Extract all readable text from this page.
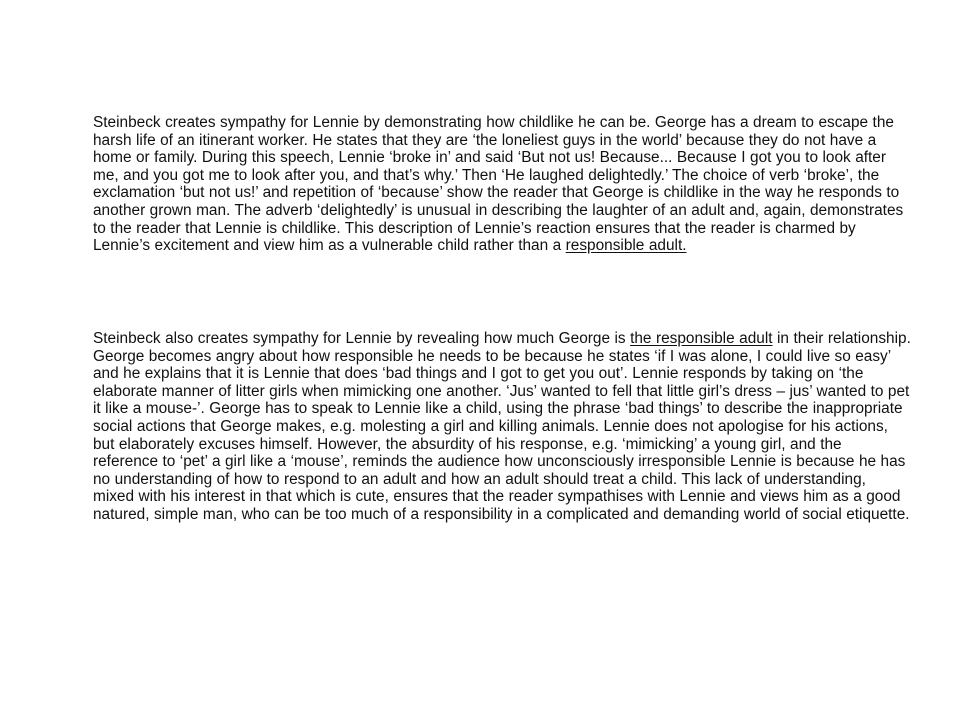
Steinbeck creates sympathy for Lennie by demonstrating how childlike he can be. George has a dream to escape the harsh life of an itinerant worker. He states that they are ‘the loneliest guys in the world’ because they do not have a home or family. During this speech, Lennie ‘broke in’ and said ‘But not us! Because... Because I got you to look after me, and you got me to look after you, and that’s why.’ Then ‘He laughed delightedly.’ The choice of verb ‘broke’, the exclamation ‘but not us!’ and repetition of ‘because’ show the reader that George is childlike in the way he responds to another grown man. The adverb ‘delightedly’ is unusual in describing the laughter of an adult and, again, demonstrates to the reader that Lennie is childlike. This description of Lennie’s reaction ensures that the reader is charmed by Lennie’s excitement and view him as a vulnerable child rather than a responsible adult.

Steinbeck also creates sympathy for Lennie by revealing how much George is the responsible adult in their relationship. George becomes angry about how responsible he needs to be because he states ‘if I was alone, I could live so easy’ and he explains that it is Lennie that does ‘bad things and I got to get you out’. Lennie responds by taking on ‘the elaborate manner of litter girls when mimicking one another. ‘Jus’ wanted to fell that little girl’s dress – jus’ wanted to pet it like a mouse-’. George has to speak to Lennie like a child, using the phrase ‘bad things’ to describe the inappropriate social actions that George makes, e.g. molesting a girl and killing animals. Lennie does not apologise for his actions, but elaborately excuses himself. However, the absurdity of his response, e.g. ‘mimicking’ a young girl, and the reference to ‘pet’ a girl like a ‘mouse’, reminds the audience how unconsciously irresponsible Lennie is because he has no understanding of how to respond to an adult and how an adult should treat a child. This lack of understanding, mixed with his interest in that which is cute, ensures that the reader sympathises with Lennie and views him as a good natured, simple man, who can be too much of a responsibility in a complicated and demanding world of social etiquette.
